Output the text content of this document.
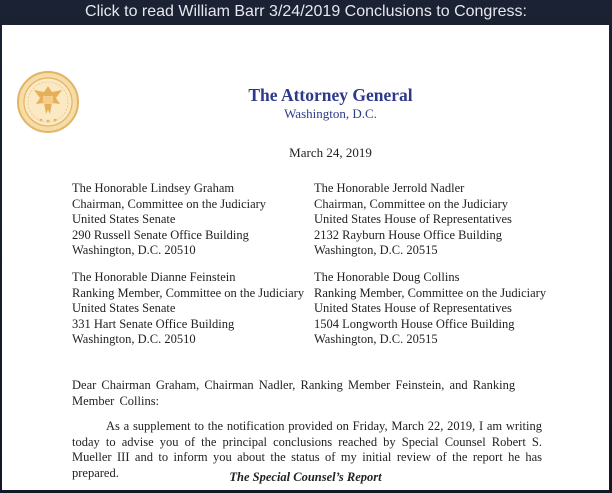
Click to read William Barr 3/24/2019 Conclusions to Congress:
The Attorney General
Washington, D.C.
March 24, 2019
The Honorable Lindsey Graham
Chairman, Committee on the Judiciary
United States Senate
290 Russell Senate Office Building
Washington, D.C. 20510
The Honorable Jerrold Nadler
Chairman, Committee on the Judiciary
United States House of Representatives
2132 Rayburn House Office Building
Washington, D.C. 20515
The Honorable Dianne Feinstein
Ranking Member, Committee on the Judiciary
United States Senate
331 Hart Senate Office Building
Washington, D.C. 20510
The Honorable Doug Collins
Ranking Member, Committee on the Judiciary
United States House of Representatives
1504 Longworth House Office Building
Washington, D.C. 20515
Dear Chairman Graham, Chairman Nadler, Ranking Member Feinstein, and Ranking Member Collins:
As a supplement to the notification provided on Friday, March 22, 2019, I am writing today to advise you of the principal conclusions reached by Special Counsel Robert S. Mueller III and to inform you about the status of my initial review of the report he has prepared.	The Special Counsel’s Report
